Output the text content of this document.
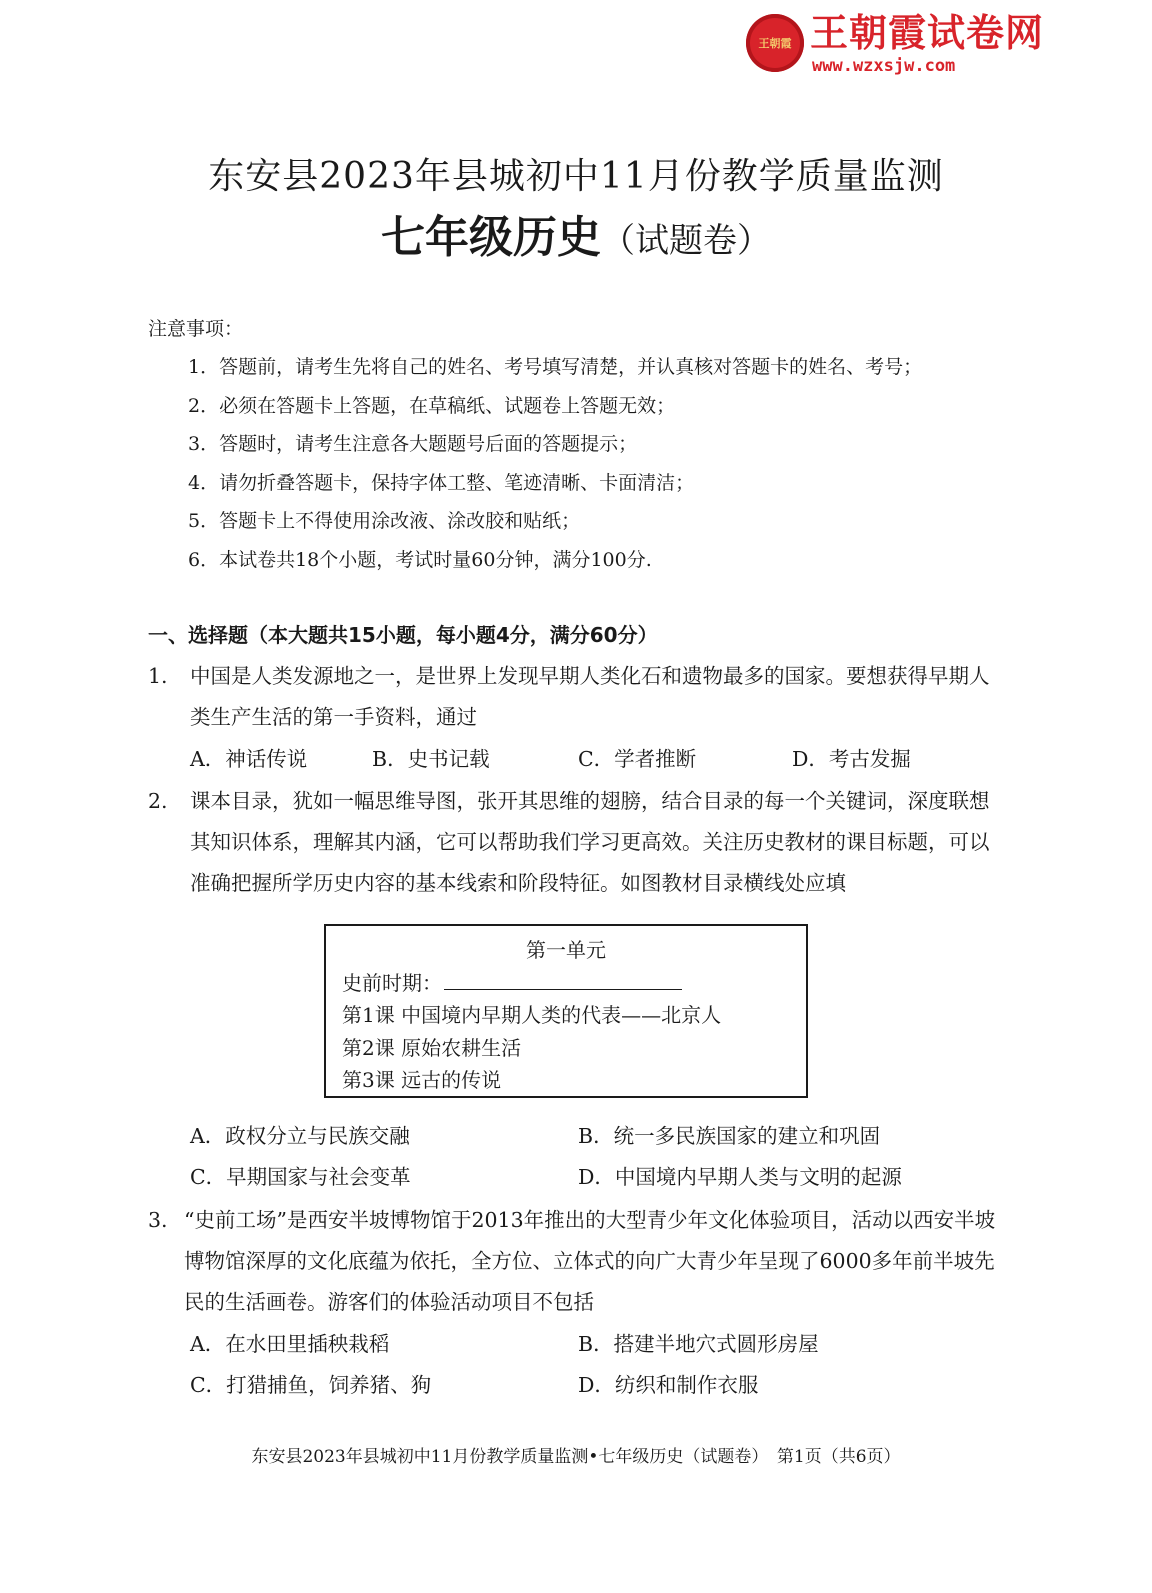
王朝霞 王朝霞试卷网
www.wzxsjw.com
东安县2023年县城初中11月份教学质量监测
七年级历史（试题卷）
注意事项：
1．答题前，请考生先将自己的姓名、考号填写清楚，并认真核对答题卡的姓名、考号；
2．必须在答题卡上答题，在草稿纸、试题卷上答题无效；
3．答题时，请考生注意各大题题号后面的答题提示；
4．请勿折叠答题卡，保持字体工整、笔迹清晰、卡面清洁；
5．答题卡上不得使用涂改液、涂改胶和贴纸；
6．本试卷共18个小题，考试时量60分钟，满分100分.
一、选择题（本大题共15小题，每小题4分，满分60分）
1. 中国是人类发源地之一，是世界上发现早期人类化石和遗物最多的国家。要想获得早期人类生产生活的第一手资料，通过
A．神话传说	B．史书记载	C．学者推断	D．考古发掘
2. 课本目录，犹如一幅思维导图，张开其思维的翅膀，结合目录的每一个关键词，深度联想其知识体系，理解其内涵，它可以帮助我们学习更高效。关注历史教材的课目标题，可以准确把握所学历史内容的基本线索和阶段特征。如图教材目录横线处应填
第一单元
史前时期：
第1课 中国境内早期人类的代表——北京人
第2课 原始农耕生活
第3课 远古的传说
A．政权分立与民族交融	B．统一多民族国家的建立和巩固
C．早期国家与社会变革	D．中国境内早期人类与文明的起源
3. “史前工场”是西安半坡博物馆于2013年推出的大型青少年文化体验项目，活动以西安半坡博物馆深厚的文化底蕴为依托，全方位、立体式的向广大青少年呈现了6000多年前半坡先民的生活画卷。游客们的体验活动项目不包括
A．在水田里插秧栽稻	B．搭建半地穴式圆形房屋
C．打猎捕鱼，饲养猪、狗	D．纺织和制作衣服
东安县2023年县城初中11月份教学质量监测•七年级历史（试题卷）　第1页（共6页）
